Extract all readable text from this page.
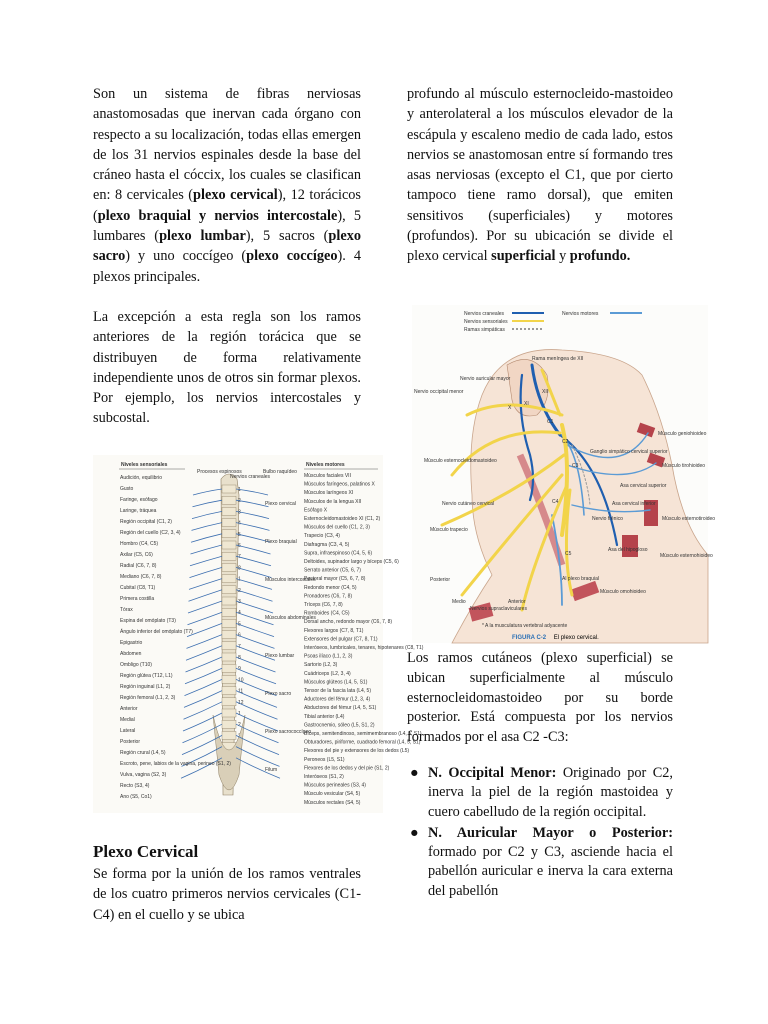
Son un sistema de fibras nerviosas anastomosadas que inervan cada órgano con respecto a su localización, todas ellas emergen de los 31 nervios espinales desde la base del cráneo hasta el cóccix, los cuales se clasifican en: 8 cervicales (plexo cervical), 12 torácicos (plexo braquial y nervios intercostale), 5 lumbares (plexo lumbar), 5 sacros (plexo sacro) y uno coccígeo (plexo coccígeo). 4 plexos principales.

La excepción a esta regla son los ramos anteriores de la región torácica que se distribuyen de forma relativamente independiente unos de otros sin formar plexos. Por ejemplo, los nervios intercostales y subcostal.

Niveles sensoriales	Niveles motores
1
2
3
4
5
6
7
8
1
2
3
4
5
6
7
8
9
10
11
12
1
2
Audición, equilibrio
Gusto
Faringe, esófago
Laringe, tráquea
Región occipital (C1, 2)
Región del cuello (C2, 3, 4)
Hombro (C4, C5)
Axilar (C5, C6)
Radial (C6, 7, 8)
Mediano (C6, 7, 8)
Cubital (C8, T1)
Primera costilla
Tórax
Espina del omóplato (T3)
Ángulo inferior del omóplato (T7)
Epigastrio
Abdomen
Ombligo (T10)
Región glútea (T12, L1)
Región inguinal (L1, 2)
Región femoral (L1, 2, 3)
Anterior
Medial
Lateral
Posterior
Región crural (L4, 5)
Escroto, pene, labios de la vagina, perineo (S1, 2)
Vulva, vagina (S2, 3)
Recto (S3, 4)
Ano (S5, Co1)
Procesos espinosos
Nervios craneales
Bulbo raquídeo
Plexo cervical
Plexo braquial
Músculos intercostales
Músculos abdominales
Plexo lumbar
Plexo sacro
Plexo sacrococcígeo
Filum
Músculos faciales VII
Músculos faríngeos, palatinos X
Músculos laríngeos XI
Músculos de la lengua XII
Esófago X
Esternocleidomastoideo XI (C1, 2)
Músculos del cuello (C1, 2, 3)
Trapecio (C3, 4)
Diafragma (C3, 4, 5)
Supra, infraespinoso (C4, 5, 6)
Deltoides, supinador largo y bíceps (C5, 6)
Serrato anterior (C5, 6, 7)
Pectoral mayor (C5, 6, 7, 8)
Redondo menor (C4, 5)
Pronadores (C6, 7, 8)
Tríceps (C6, 7, 8)
Romboides (C4, C5)
Dorsal ancho, redondo mayor (C6, 7, 8)
Flexores largos (C7, 8, T1)
Extensores del pulgar (C7, 8, T1)
Interóseos, lumbricales, tenares, hipotenares (C8, T1)
Psoas ilíaco (L1, 2, 3)
Sartorio (L2, 3)
Cuádriceps (L2, 3, 4)
Músculos glúteos (L4, 5, S1)
Tensor de la fascia lata (L4, 5)
Aductores del fémur (L2, 3, 4)
Abductores del fémur (L4, 5, S1)
Tibial anterior (L4)
Gastrocnemio, sóleo (L5, S1, 2)
Bíceps, semitendinoso, semimembranoso (L4, 5, S1)
Obturadores, piriforme, cuadrado femoral (L4, 5, S1)
Flexores del pie y extensores de los dedos (L5)
Peroneos (L5, S1)
Flexores de los dedos y del pie (S1, 2)
Interóseos (S1, 2)
Músculos perineales (S3, 4)
Músculo vesicular (S4, 5)
Músculos rectales (S4, 5)
Plexo Cervical

Se forma por la unión de los ramos ventrales de los cuatro primeros nervios cervicales (C1-C4) en el cuello y se ubica

profundo al músculo esternocleido-mastoideo y anterolateral a los músculos elevador de la escápula y escaleno medio de cada lado, estos nervios se anastomosan entre sí formando tres asas nerviosas (excepto el C1, que por cierto tampoco tiene ramo dorsal), que emiten sensitivos (superficiales) y motores (profundos). Por su ubicación se divide el plexo cervical superficial y profundo.

Nervios craneales	Nervios motores
Nervios sensoriales
Ramas simpáticas
Rama meníngea de XII
Nervio auricular mayor
Nervio occipital menor	XII
XI
X
C1
C2
C3
C4
C5
Músculo esternocleidomastoideo
Ganglio simpático cervical superior
Nervio cutáneo cervical
Músculo trapecio
Asa cervical superior
Asa cervical inferior
Asa del hipogloso
Nervio frénico
Al plexo braquial
Posterior
Medio	Anterior
Nervios supraclaviculares
Músculo geniohioideo
Músculo tirohioideo
Músculo esternotiroideo
Músculo esternohioideo
Músculo omohioideo
* A la musculatura vertebral adyacente
FIGURA C-2 El plexo cervical.

Los ramos cutáneos (plexo superficial) se ubican superficialmente al músculo esternocleidomastoideo por su borde posterior. Está compuesta por los nervios formados por el asa C2 -C3:

● N. Occipital Menor: Originado por C2, inerva la piel de la región mastoidea y cuero cabelludo de la región occipital.
● N. Auricular Mayor o Posterior: formado por C2 y C3, asciende hacia el pabellón auricular e inerva la cara externa del pabellón
